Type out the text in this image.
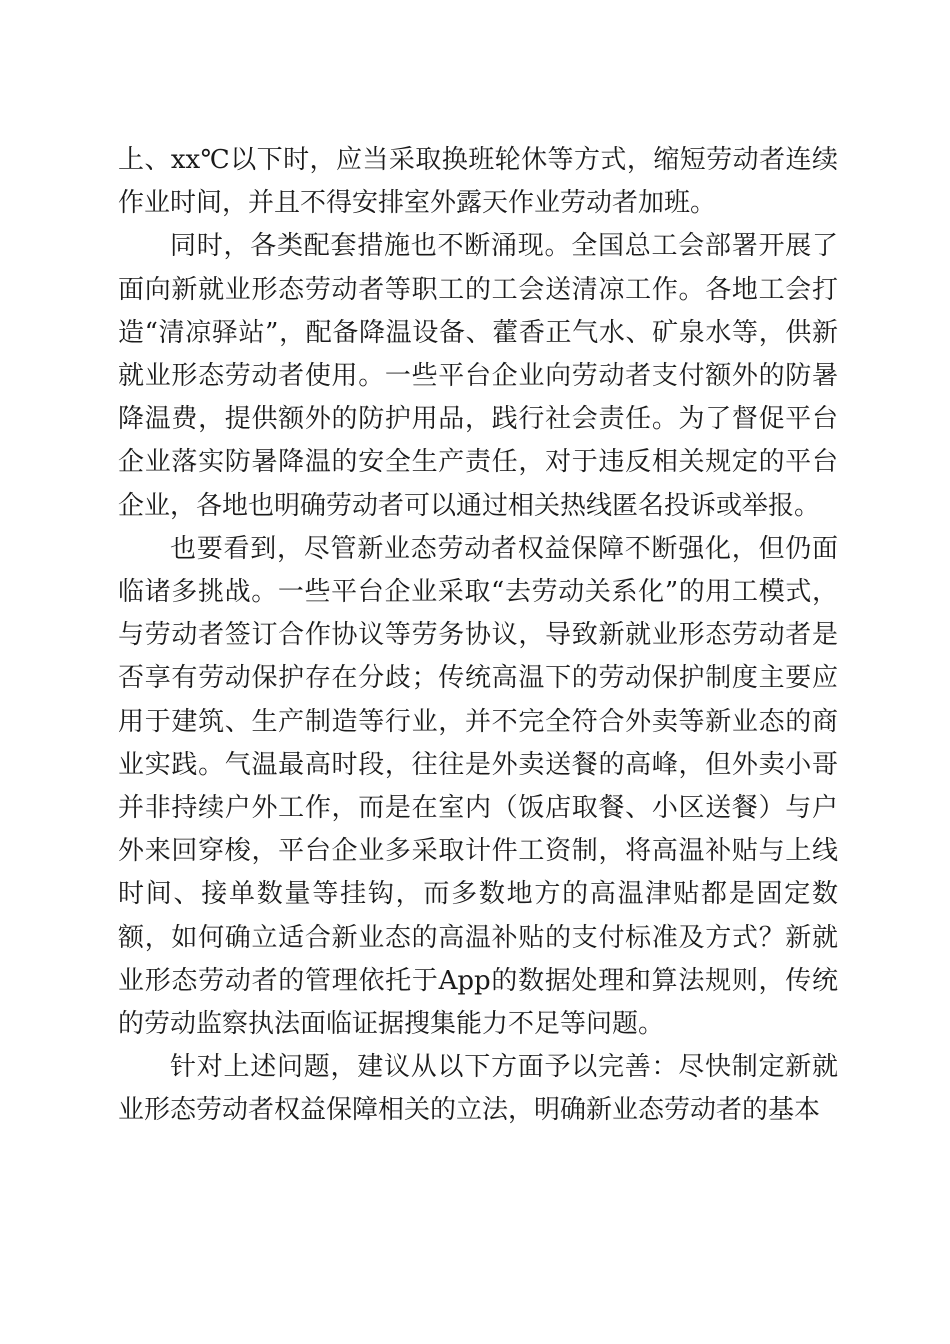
上、xx℃以下时，应当采取换班轮休等方式，缩短劳动者连续作业时间，并且不得安排室外露天作业劳动者加班。

同时，各类配套措施也不断涌现。全国总工会部署开展了面向新就业形态劳动者等职工的工会送清凉工作。各地工会打造“清凉驿站”，配备降温设备、藿香正气水、矿泉水等，供新就业形态劳动者使用。一些平台企业向劳动者支付额外的防暑降温费，提供额外的防护用品，践行社会责任。为了督促平台企业落实防暑降温的安全生产责任，对于违反相关规定的平台企业，各地也明确劳动者可以通过相关热线匿名投诉或举报。

也要看到，尽管新业态劳动者权益保障不断强化，但仍面临诸多挑战。一些平台企业采取“去劳动关系化”的用工模式，与劳动者签订合作协议等劳务协议，导致新就业形态劳动者是否享有劳动保护存在分歧；传统高温下的劳动保护制度主要应用于建筑、生产制造等行业，并不完全符合外卖等新业态的商业实践。气温最高时段，往往是外卖送餐的高峰，但外卖小哥并非持续户外工作，而是在室内（饭店取餐、小区送餐）与户外来回穿梭，平台企业多采取计件工资制，将高温补贴与上线时间、接单数量等挂钩，而多数地方的高温津贴都是固定数额，如何确立适合新业态的高温补贴的支付标准及方式？新就业形态劳动者的管理依托于App的数据处理和算法规则，传统的劳动监察执法面临证据搜集能力不足等问题。

针对上述问题，建议从以下方面予以完善：尽快制定新就业形态劳动者权益保障相关的立法，明确新业态劳动者的基本
